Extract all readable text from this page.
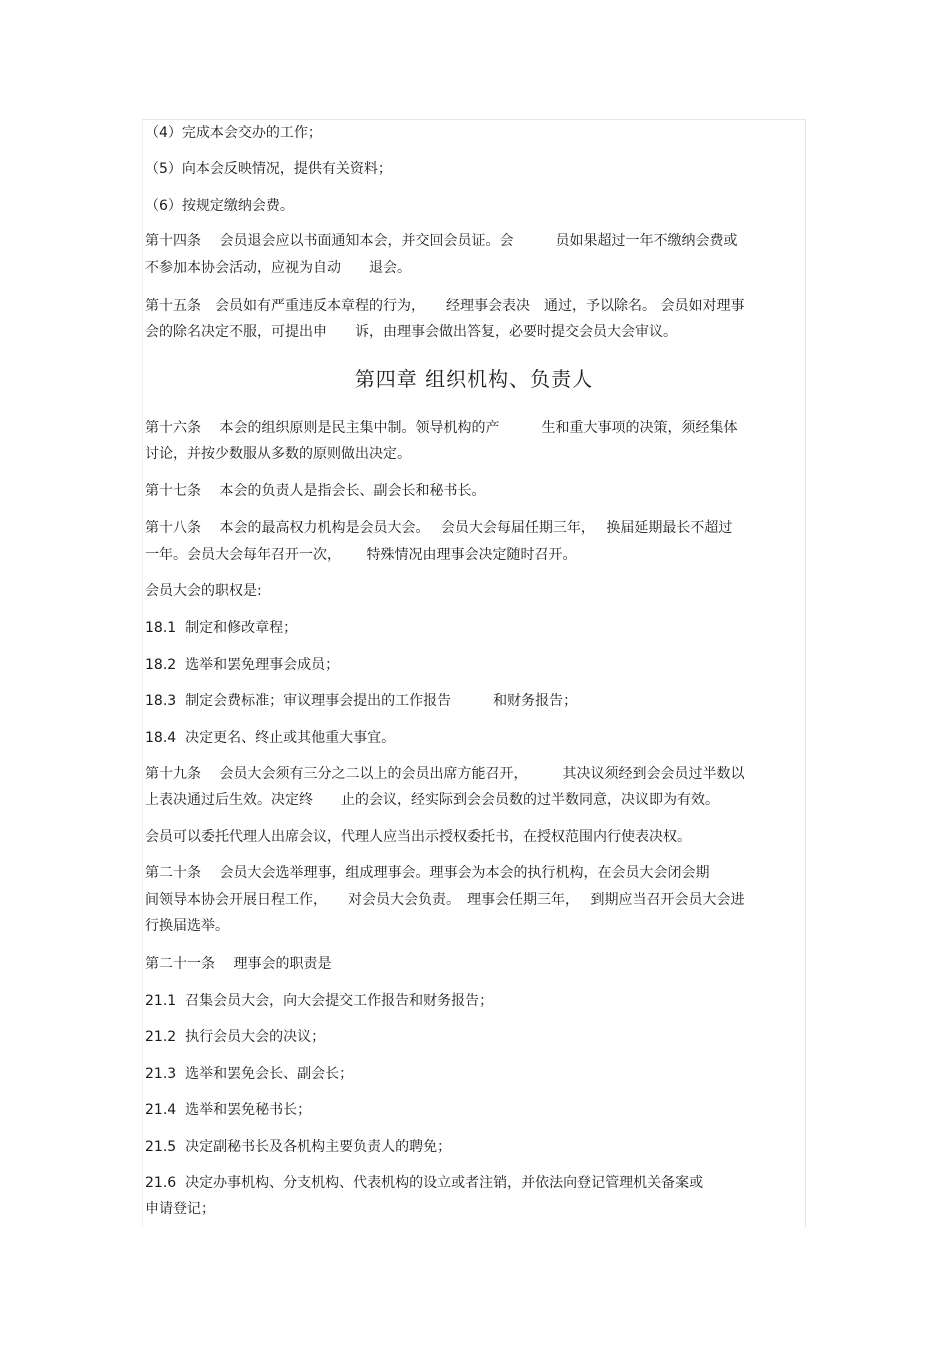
（4）完成本会交办的工作；
（5）向本会反映情况，提供有关资料；
（6）按规定缴纳会费。
第十四条　 会员退会应以书面通知本会，并交回会员证。会　　　员如果超过一年不缴纳会费或
不参加本协会活动，应视为自动　　退会。
第十五条　会员如有严重违反本章程的行为，　　经理事会表决　通过，予以除名。 会员如对理事
会的除名决定不服，可提出申　　诉，由理事会做出答复，必要时提交会员大会审议。
第四章 组织机构、负责人
第十六条　 本会的组织原则是民主集中制。领导机构的产　　　生和重大事项的决策，须经集体
讨论，并按少数服从多数的原则做出决定。
第十七条　 本会的负责人是指会长、副会长和秘书长。
第十八条　 本会的最高权力机构是会员大会。　 会员大会每届任期三年，　 换届延期最长不超过
一年。会员大会每年召开一次，　　 特殊情况由理事会决定随时召开。
会员大会的职权是:
18.1  制定和修改章程；
18.2  选举和罢免理事会成员；
18.3  制定会费标准；审议理事会提出的工作报告　　　和财务报告；
18.4  决定更名、终止或其他重大事宜。
第十九条　 会员大会须有三分之二以上的会员出席方能召开，　　　其决议须经到会会员过半数以
上表决通过后生效。决定终　　止的会议，经实际到会会员数的过半数同意，决议即为有效。
会员可以委托代理人出席会议，代理人应当出示授权委托书，在授权范围内行使表决权。
第二十条　 会员大会选举理事，组成理事会。理事会为本会的执行机构，在会员大会闭会期
间领导本协会开展日程工作，　　对会员大会负责。　理事会任期三年，　 到期应当召开会员大会进
行换届选举。
第二十一条　 理事会的职责是
21.1  召集会员大会，向大会提交工作报告和财务报告；
21.2  执行会员大会的决议；
21.3  选举和罢免会长、副会长；
21.4  选举和罢免秘书长；
21.5  决定副秘书长及各机构主要负责人的聘免；
21.6  决定办事机构、分支机构、代表机构的设立或者注销，并依法向登记管理机关备案或
申请登记；
